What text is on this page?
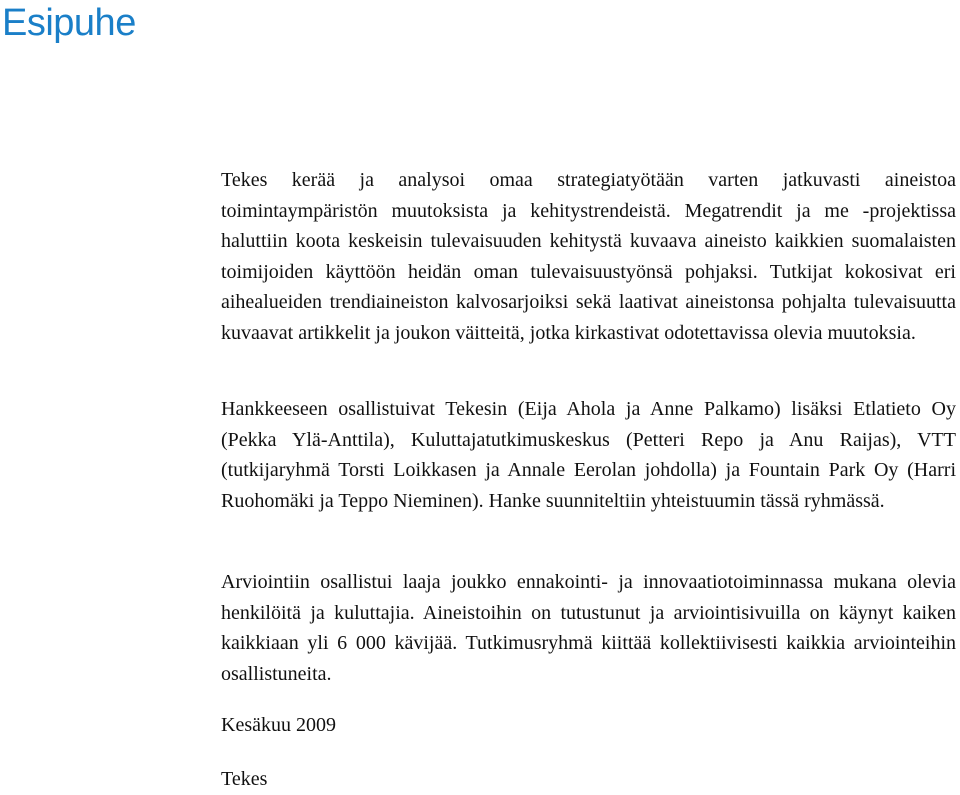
Esipuhe

Tekes kerää ja analysoi omaa strategiatyötään varten jatkuvasti aineistoa toimintaympäristön muutoksista ja kehitystrendeistä. Megatrendit ja me -projektissa haluttiin koota keskeisin tulevaisuuden kehitystä kuvaava aineisto kaikkien suomalaisten toimijoiden käyttöön heidän oman tulevaisuustyönsä pohjaksi. Tutkijat kokosivat eri aihealueiden trendiaineiston kalvosarjoiksi sekä laativat aineistonsa pohjalta tulevaisuutta kuvaavat artikkelit ja joukon väitteitä, jotka kirkastivat odotettavissa olevia muutoksia.

Hankkeeseen osallistuivat Tekesin (Eija Ahola ja Anne Palkamo) lisäksi Etlatieto Oy (Pekka Ylä-Anttila), Kuluttajatutkimuskeskus (Petteri Repo ja Anu Raijas), VTT (tutkijaryhmä Torsti Loikkasen ja Annale Eerolan johdolla) ja Fountain Park Oy (Harri Ruohomäki ja Teppo Nieminen). Hanke suunniteltiin yhteistuumin tässä ryhmässä.

Arviointiin osallistui laaja joukko ennakointi- ja innovaatiotoiminnassa mukana olevia henkilöitä ja kuluttajia. Aineistoihin on tutustunut ja arviointisivuilla on käynyt kaiken kaikkiaan yli 6 000 kävijää. Tutkimusryhmä kiittää kollektiivisesti kaikkia arviointeihin osallistuneita.

Kesäkuu 2009

Tekes
